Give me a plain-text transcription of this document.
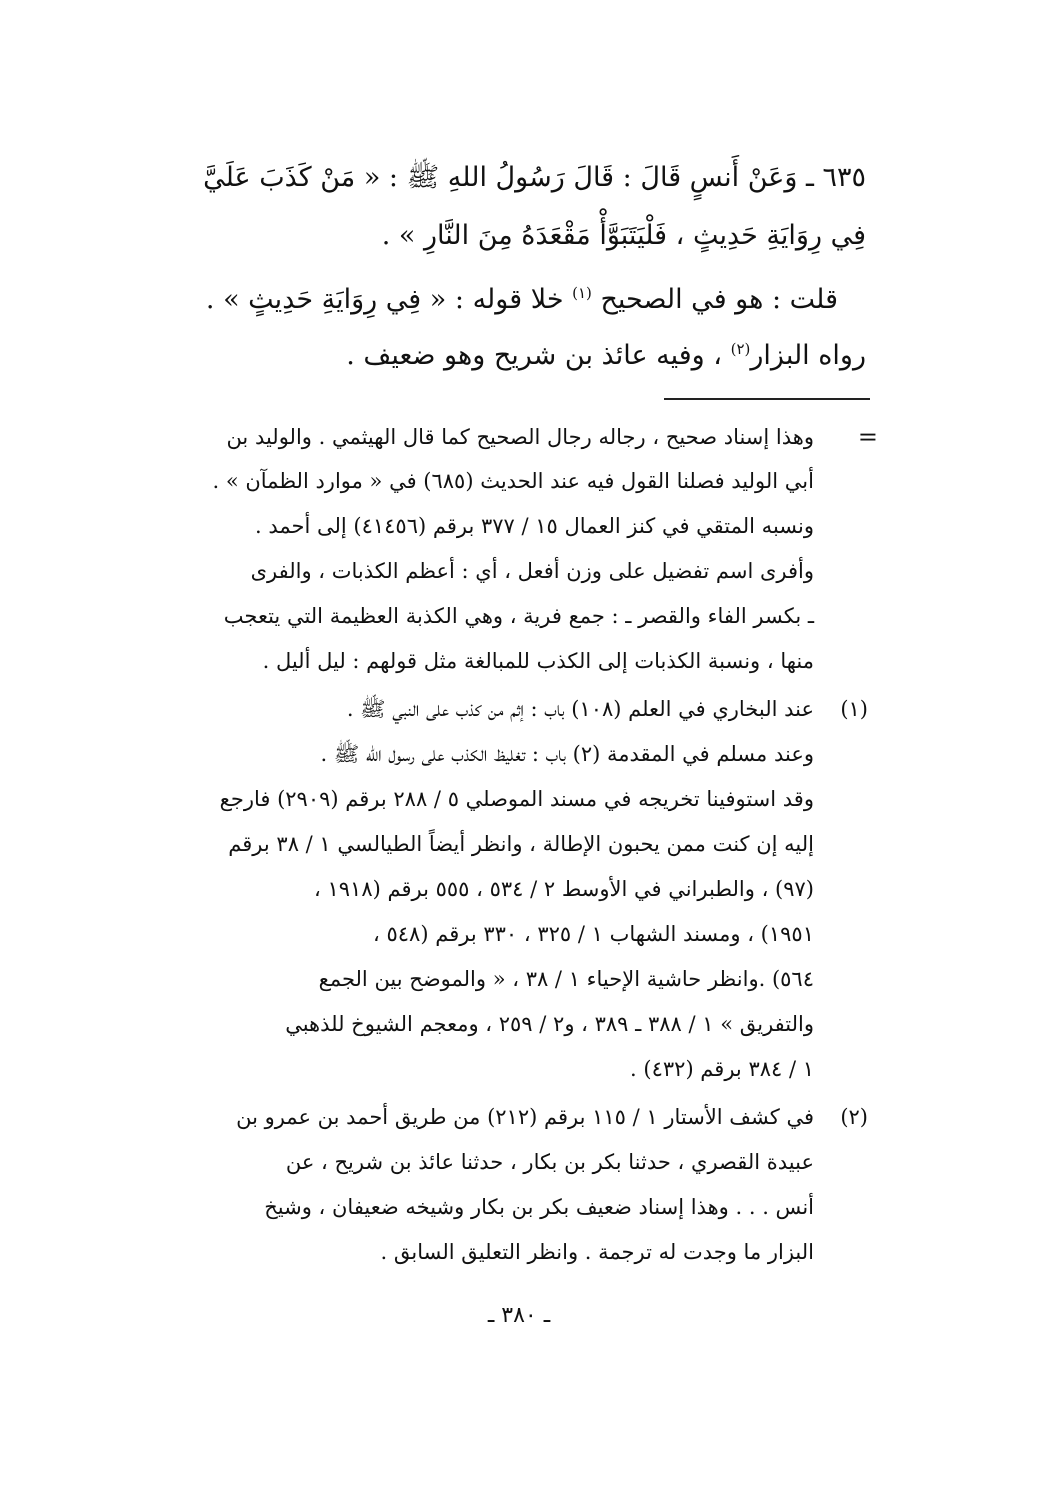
٦٣٥ ـ وَعَنْ أَنسٍ قَالَ : قَالَ رَسُولُ اللهِ ﷺ : « مَنْ كَذَبَ عَلَيَّ
فِي رِوَايَةِ حَدِيثٍ ، فَلْيَتَبَوَّأْ مَقْعَدَهُ مِنَ النَّارِ » .
قلت : هو في الصحيح $^{(١)}$ خلا قوله : « فِي رِوَايَةِ حَدِيثٍ » .
رواه البزار$^{(٢)}$ ، وفيه عائذ بن شريح وهو ضعيف .
=
وهذا إسناد صحيح ، رجاله رجال الصحيح كما قال الهيثمي . والوليد بن
أبي الوليد فصلنا القول فيه عند الحديث (٦٨٥) في « موارد الظمآن » .
ونسبه المتقي في كنز العمال ١٥ / ٣٧٧ برقم (٤١٤٥٦) إلى أحمد .
وأفرى اسم تفضيل على وزن أفعل ، أي : أعظم الكذبات ، والفرى
ـ بكسر الفاء والقصر ـ : جمع فرية ، وهي الكذبة العظيمة التي يتعجب
منها ، ونسبة الكذبات إلى الكذب للمبالغة مثل قولهم : ليل أليل .
(١)
عند البخاري في العلم (١٠٨) باب : إثم من كذب على النبي ﷺ .
وعند مسلم في المقدمة (٢) باب : تغليظ الكذب على رسول الله ﷺ .
وقد استوفينا تخريجه في مسند الموصلي ٥ / ٢٨٨ برقم (٢٩٠٩) فارجع
إليه إن كنت ممن يحبون الإطالة ، وانظر أيضاً الطيالسي ١ / ٣٨ برقم
(٩٧) ، والطبراني في الأوسط ٢ / ٥٣٤ ، ٥٥٥ برقم (١٩١٨ ،
١٩٥١) ، ومسند الشهاب ١ / ٣٢٥ ، ٣٣٠ برقم (٥٤٨ ،
٥٦٤) .وانظر حاشية الإحياء ١ / ٣٨ ، « والموضح بين الجمع
والتفريق » ١ / ٣٨٨ ـ ٣٨٩ ، و٢ / ٢٥٩ ، ومعجم الشيوخ للذهبي
١ / ٣٨٤ برقم (٤٣٢) .
(٢)
في كشف الأستار ١ / ١١٥ برقم (٢١٢) من طريق أحمد بن عمرو بن
عبيدة القصري ، حدثنا بكر بن بكار ، حدثنا عائذ بن شريح ، عن
أنس . . . وهذا إسناد ضعيف بكر بن بكار وشيخه ضعيفان ، وشيخ
البزار ما وجدت له ترجمة . وانظر التعليق السابق .
ـ ٣٨٠ ـ
